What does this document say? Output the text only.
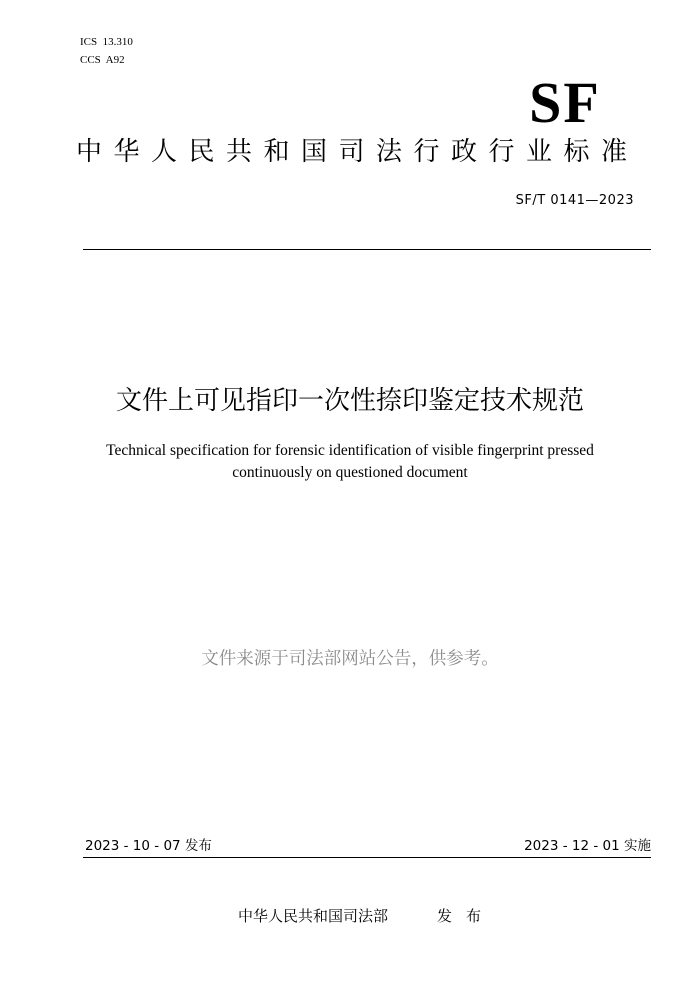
ICS  13.310
CCS  A92
SF
中华人民共和国司法行政行业标准
SF/T 0141—2023
文件上可见指印一次性捺印鉴定技术规范
Technical specification for forensic identification of visible fingerprint pressed
continuously on questioned document
文件来源于司法部网站公告，供参考。
2023 - 10 - 07 发布	2023 - 12 - 01 实施
中华人民共和国司法部	发布
